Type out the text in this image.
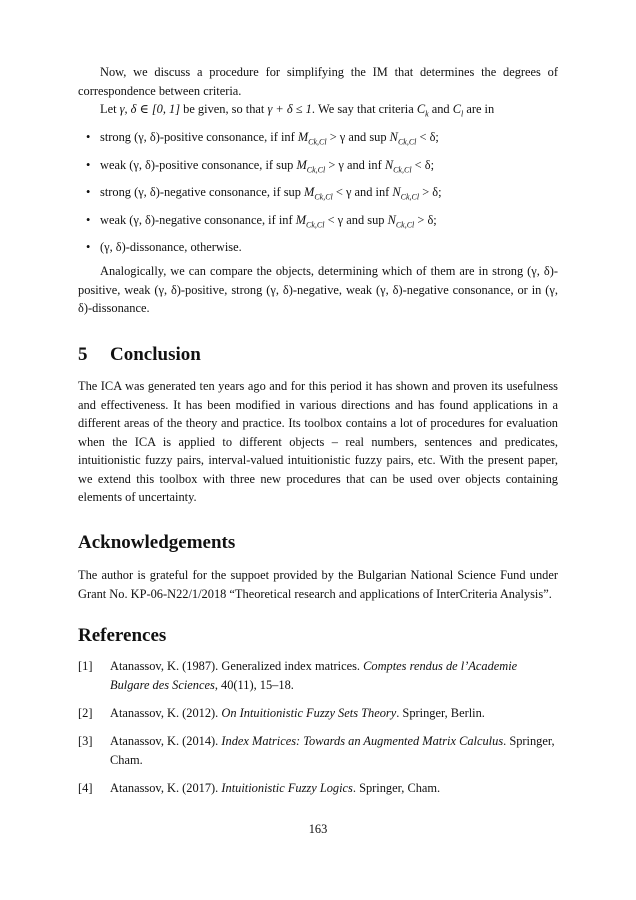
Now, we discuss a procedure for simplifying the IM that determines the degrees of correspondence between criteria.

Let γ, δ ∈ [0, 1] be given, so that γ + δ ≤ 1. We say that criteria $C_k$ and $C_l$ are in

• strong (γ, δ)-positive consonance, if inf $M_{Ck,Cl} > \gamma$ and sup $N_{Ck,Cl} < \delta$;
• weak (γ, δ)-positive consonance, if sup $M_{Ck,Cl} > \gamma$ and inf $N_{Ck,Cl} < \delta$;
• strong (γ, δ)-negative consonance, if sup $M_{Ck,Cl} < \gamma$ and inf $N_{Ck,Cl} > \delta$;
• weak (γ, δ)-negative consonance, if inf $M_{Ck,Cl} < \gamma$ and sup $N_{Ck,Cl} > \delta$;
• (γ, δ)-dissonance, otherwise.

Analogically, we can compare the objects, determining which of them are in strong (γ, δ)-positive, weak (γ, δ)-positive, strong (γ, δ)-negative, weak (γ, δ)-negative consonance, or in (γ, δ)-dissonance.

5 Conclusion

The ICA was generated ten years ago and for this period it has shown and proven its usefulness and effectiveness. It has been modified in various directions and has found applications in a different areas of the theory and practice. Its toolbox contains a lot of procedures for evaluation when the ICA is applied to different objects – real numbers, sentences and predicates, intuitionistic fuzzy pairs, interval-valued intuitionistic fuzzy pairs, etc. With the present paper, we extend this toolbox with three new procedures that can be used over objects containing elements of uncertainty.

Acknowledgements

The author is grateful for the suppoet provided by the Bulgarian National Science Fund under Grant No. KP-06-N22/1/2018 “Theoretical research and applications of InterCriteria Analysis”.

References
[1] Atanassov, K. (1987). Generalized index matrices. Comptes rendus de l’Academie Bulgare des Sciences, 40(11), 15–18.
[2] Atanassov, K. (2012). On Intuitionistic Fuzzy Sets Theory. Springer, Berlin.
[3] Atanassov, K. (2014). Index Matrices: Towards an Augmented Matrix Calculus. Springer, Cham.
[4] Atanassov, K. (2017). Intuitionistic Fuzzy Logics. Springer, Cham.
163
